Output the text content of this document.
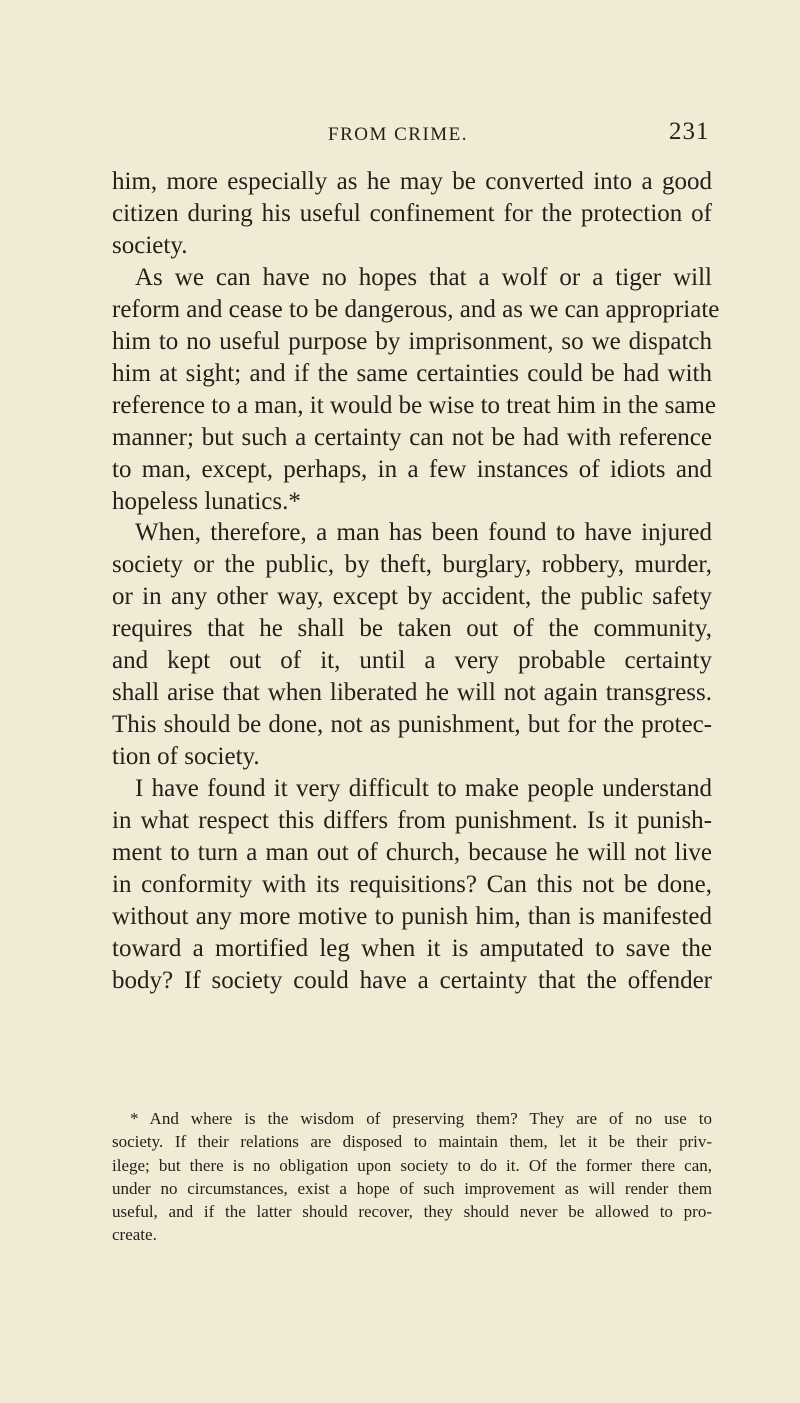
FROM CRIME.	231
him, more especially as he may be converted into a good
citizen during his useful confinement for the protection of
society.
As we can have no hopes that a wolf or a tiger will
reform and cease to be dangerous, and as we can appropriate
him to no useful purpose by imprisonment, so we dispatch
him at sight; and if the same certainties could be had with
reference to a man, it would be wise to treat him in the same
manner; but such a certainty can not be had with reference
to man, except, perhaps, in a few instances of idiots and
hopeless lunatics.*
When, therefore, a man has been found to have injured
society or the public, by theft, burglary, robbery, murder,
or in any other way, except by accident, the public safety
requires that he shall be taken out of the community,
and kept out of it, until a very probable certainty
shall arise that when liberated he will not again transgress.
This should be done, not as punishment, but for the protec-
tion of society.
I have found it very difficult to make people understand
in what respect this differs from punishment. Is it punish-
ment to turn a man out of church, because he will not live
in conformity with its requisitions? Can this not be done,
without any more motive to punish him, than is manifested
toward a mortified leg when it is amputated to save the
body? If society could have a certainty that the offender
* And where is the wisdom of preserving them? They are of no use to
society. If their relations are disposed to maintain them, let it be their priv-
ilege; but there is no obligation upon society to do it. Of the former there can,
under no circumstances, exist a hope of such improvement as will render them
useful, and if the latter should recover, they should never be allowed to pro-
create.
